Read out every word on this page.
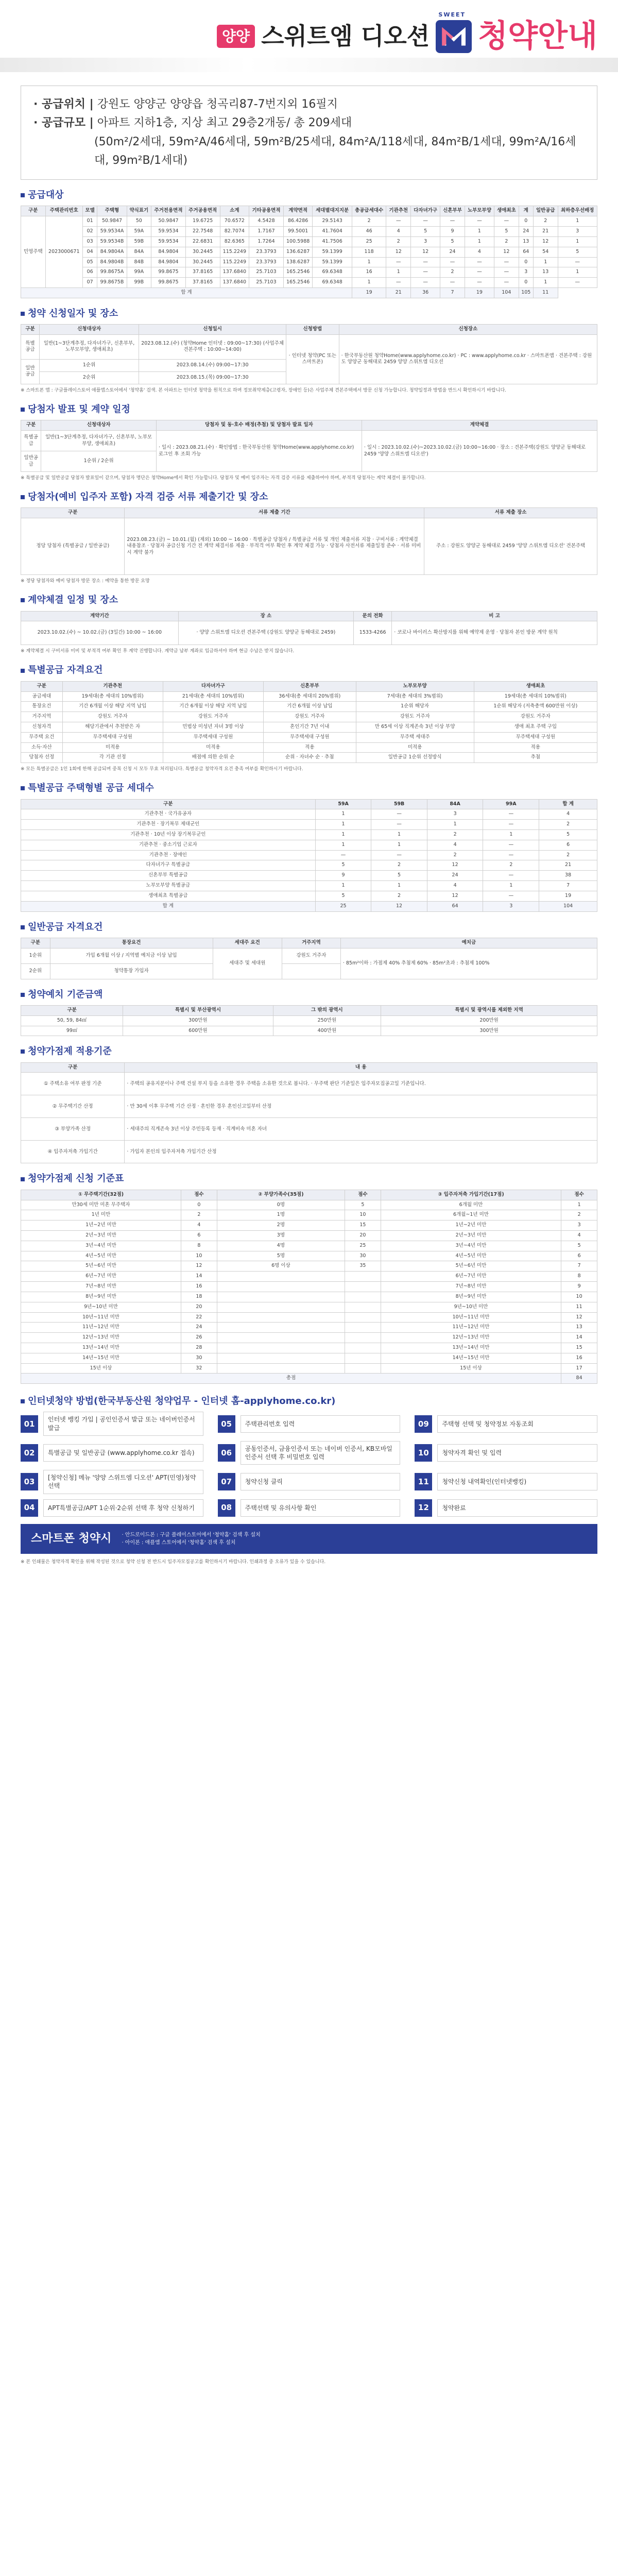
양양 스위트엠 디오션 청약안내
SWEET
· 공급위치 | 강원도 양양군 양양읍 청곡리87-7번지외 16필지
· 공급규모 | 아파트 지하1층, 지상 최고 29층2개동/ 총 209세대
(50m²/2세대, 59m²A/46세대, 59m²B/25세대, 84m²A/118세대, 84m²B/1세대, 99m²A/16세대, 99m²B/1세대)
공급대상
구분	주택관리번호	모델	주택형	약식표기	주거전용면적	주거공용면적	소계	기타공용면적	계약면적	세대별대지지분	총공급세대수	기관추천	다자녀가구	신혼부부	노부모부양	생애최초	계	일반공급	최하층우선배정
민영주택	2023000671	01	50.9847	50	50.9847	19.6725	70.6572	4.5428	86.4286	29.5143	2	—	—	—	—	—	0	2	1
		02	59.9534A	59A	59.9534	22.7548	82.7074	1.7167	99.5001	41.7604	46	4	5	9	1	5	24	21	3
		03	59.9534B	59B	59.9534	22.6831	82.6365	1.7264	100.5988	41.7506	25	2	3	5	1	2	13	12	1
		04	84.9804A	84A	84.9804	30.2445	115.2249	23.3793	136.6287	59.1399	118	12	12	24	4	12	64	54	5
		05	84.9804B	84B	84.9804	30.2445	115.2249	23.3793	138.6287	59.1399	1	—	—	—	—	—	0	1	—
		06	99.8675A	99A	99.8675	37.8165	137.6840	25.7103	165.2546	69.6348	16	1	—	2	—	—	3	13	1
		07	99.8675B	99B	99.8675	37.8165	137.6840	25.7103	165.2546	69.6348	1	—	—	—	—	—	0	1	—
합 계											19	21	36	7	19	104	105	11	
청약 신청일자 및 장소
구분	신청대상자	신청일시	신청방법	신청장소
특별공급	일반(1~3단계추정, 다자녀가구, 신혼부부, 노부모부양, 생애최초)	2023.08.12.(수) (청약Home 인터넷 : 09:00~17:30) (사업주체 견본주택 : 10:00~14:00)	· 인터넷 청약(PC 또는 스마트폰)	· 한국부동산원 청약Home(www.applyhome.co.kr) · PC : www.applyhome.co.kr · 스마트폰앱 · 견본주택 : 강원도 양양군 동해대로 2459 양양 스위트엠 디오션
일반공급	1순위	2023.08.14.(수) 09:00~17:30		
	2순위	2023.08.15.(목) 09:00~17:30		
※ 스마트폰 앱 : 구글플레이스토어 애플앱스토어에서 '청약홈' 검색. 본 아파트는 인터넷 청약을 원칙으로 하며 정보취약계층(고령자, 장애인 등)은 사업주체 견본주택에서 방문 신청 가능합니다. 청약일정과 방법을 반드시 확인하시기 바랍니다.
당첨자 발표 및 계약 일정
구분	신청대상자	당첨자 및 동·호수 배정(추첨) 및 당첨자 발표 일자	계약체결
특별공급	일반(1~3단계추정, 다자녀가구, 신혼부부, 노부모부양, 생애최초)	· 일시 : 2023.08.21.(수) · 확인방법 : 한국부동산원 청약Home(www.applyhome.co.kr) 로그인 후 조회 가능	· 일시 : 2023.10.02.(수)~2023.10.02.(금) 10:00~16:00 · 장소 : 견본주택(강원도 양양군 동해대로 2459 '양양 스위트엠 디오션')
일반공급	1순위 / 2순위		
※ 특별공급 및 일반공급 당첨자 발표일이 같으며, 당첨자 명단은 청약Home에서 확인 가능합니다. 당첨자 및 예비 입주자는 자격 검증 서류를 제출하여야 하며, 부적격 당첨자는 계약 체결이 불가합니다.
당첨자(예비 입주자 포함) 자격 검증 서류 제출기간 및 장소
구분	서류 제출 기간	서류 제출 장소
정당 당첨자 (특별공급 / 일반공급)	2023.08.23.(금) ~ 10.01.(월) (제외) 10:00 ~ 16:00 · 특별공급 당첨자 / 특별공급 서류 및 개인 제출서류 지참 · 구비서류 : 계약체결 내용참조 · 당첨자 공급신청 기간 전 계약 체결서류 제출 · 부적격 여부 확인 후 계약 체결 가능 · 당첨자 사전서류 제출일정 준수 · 서류 미비 시 계약 불가	주소 : 강원도 양양군 동해대로 2459 '양양 스위트엠 디오션' 견본주택
※ 정당 당첨자와 예비 당첨자 방문 장소 : 예약을 통한 방문 요망
계약체결 일정 및 장소
계약기간	장 소	문의 전화	비 고
2023.10.02.(수) ~ 10.02.(금) (3일간) 10:00 ~ 16:00	· 양양 스위트엠 디오션 견본주택 (강원도 양양군 동해대로 2459)	1533-4266	· 코로나 바이러스 확산방지를 위해 예약제 운영 · 당첨자 본인 방문 계약 원칙
※ 계약체결 시 구비서류 미비 및 부적격 여부 확인 후 계약 진행합니다. 계약금 납부 계좌로 입금하셔야 하며 현금 수납은 받지 않습니다.
특별공급 자격요건
구분	기관추천	다자녀가구	신혼부부	노부모부양	생애최초
공급세대	19세대(총 세대의 10%범위)	21세대(총 세대의 10%범위)	36세대(총 세대의 20%범위)	7세대(총 세대의 3%범위)	19세대(총 세대의 10%범위)
통장요건	기간 6개월 이상 해당 지역 납입	기간 6개월 이상 해당 지역 납입	기간 6개월 이상 납입	1순위 해당자	1순위 해당자 (저축총액 600만원 이상)
거주지역	강원도 거주자	강원도 거주자	강원도 거주자	강원도 거주자	강원도 거주자
신청자격	해당기관에서 추천받은 자	민법상 미성년 자녀 3명 이상	혼인기간 7년 이내	만 65세 이상 직계존속 3년 이상 부양	생애 최초 주택 구입
무주택 요건	무주택세대 구성원	무주택세대 구성원	무주택세대 구성원	무주택 세대주	무주택세대 구성원
소득·자산	미적용	미적용	적용	미적용	적용
당첨자 선정	각 기관 선정	배점에 의한 순위 순	순위 · 자녀수 순 · 추첨	일반공급 1순위 선정방식	추첨
※ 모든 특별공급은 1인 1회에 한해 공급되며 중복 신청 시 모두 무효 처리됩니다. 특별공급 청약자격 요건 충족 여부를 확인하시기 바랍니다.
특별공급 주택형별 공급 세대수
구분	59A	59B	84A	99A	합 계
기관추천 · 국가유공자	1	—	3	—	4
기관추천 · 장기복무 제대군인	1	—	1	—	2
기관추천 · 10년 이상 장기복무군인	1	1	2	1	5
기관추천 · 중소기업 근로자	1	1	4	—	6
기관추천 · 장애인	—	—	2	—	2
다자녀가구 특별공급	5	2	12	2	21
신혼부부 특별공급	9	5	24	—	38
노부모부양 특별공급	1	1	4	1	7
생애최초 특별공급	5	2	12	—	19
합 계	25	12	64	3	104
일반공급 자격요건
구분	통장요건	세대주 요건	거주지역	예치금
1순위	가입 6개월 이상 / 지역별 예치금 이상 납입	세대주 및 세대원	강원도 거주자	· 85m²이하 : 가점제 40% 추첨제 60% · 85m²초과 : 추첨제 100%
2순위	청약통장 가입자			
청약예치 기준금액
구분	특별시 및 부산광역시	그 밖의 광역시	특별시 및 광역시를 제외한 지역
50, 59, 84㎡	300만원	250만원	200만원
99㎡	600만원	400만원	300만원
청약가점제 적용기준
구분	내 용
① 주택소유 여부 판정 기준	· 주택의 공유지분이나 주택 건설 부지 등을 소유한 경우 주택을 소유한 것으로 봅니다. · 무주택 판단 기준일은 입주자모집공고일 기준입니다.
② 무주택기간 산정	· 만 30세 이후 무주택 기간 산정 · 혼인한 경우 혼인신고일부터 산정
③ 부양가족 산정	· 세대주의 직계존속 3년 이상 주민등록 등재 · 직계비속 미혼 자녀
④ 입주자저축 가입기간	· 가입자 본인의 입주자저축 가입기간 산정
청약가점제 신청 기준표
① 무주택기간(32점)	점수	② 부양가족수(35점)	점수	③ 입주자저축 가입기간(17점)	점수
만30세 미만 미혼 무주택자	0	0명	5	6개월 미만	1
1년 미만	2	1명	10	6개월~1년 미만	2
1년~2년 미만	4	2명	15	1년~2년 미만	3
2년~3년 미만	6	3명	20	2년~3년 미만	4
3년~4년 미만	8	4명	25	3년~4년 미만	5
4년~5년 미만	10	5명	30	4년~5년 미만	6
5년~6년 미만	12	6명 이상	35	5년~6년 미만	7
6년~7년 미만	14			6년~7년 미만	8
7년~8년 미만	16			7년~8년 미만	9
8년~9년 미만	18			8년~9년 미만	10
9년~10년 미만	20			9년~10년 미만	11
10년~11년 미만	22			10년~11년 미만	12
11년~12년 미만	24			11년~12년 미만	13
12년~13년 미만	26			12년~13년 미만	14
13년~14년 미만	28			13년~14년 미만	15
14년~15년 미만	30			14년~15년 미만	16
15년 이상	32			15년 이상	17
총점					84
인터넷청약 방법(한국부동산원 청약업무 - 인터넷 홈-applyhome.co.kr)
01	인터넷 뱅킹 가입 | 공인인증서 발급 또는 네이버인증서 발급	05	주택관리번호 입력	09	주택형 선택 및 청약정보 자동조회
02	특별공급 및 일반공급 (www.applyhome.co.kr 접속)	06	공동인증서, 금융인증서 또는 네이버 인증서, KB모바일 인증서 선택 후 비밀번호 입력	10	청약자격 확인 및 입력
03	[청약신청] 메뉴 '양양 스위트엠 디오션' APT(민영)청약 선택	07	청약신청 클릭	11	청약신청 내역확인(인터넷뱅킹)
04	APT특별공급/APT 1순위·2순위 선택 후 청약 신청하기	08	주택선택 및 유의사항 확인	12	청약완료
스마트폰 청약시 · 안드로이드폰 : 구글 플레이스토어에서 '청약홈' 검색 후 설치
· 아이폰 : 애플앱 스토어에서 '청약홈' 검색 후 설치
※ 본 인쇄물은 청약자격 확인을 위해 작성된 것으로 청약 신청 전 반드시 입주자모집공고를 확인하시기 바랍니다. 인쇄과정 중 오류가 있을 수 있습니다.
